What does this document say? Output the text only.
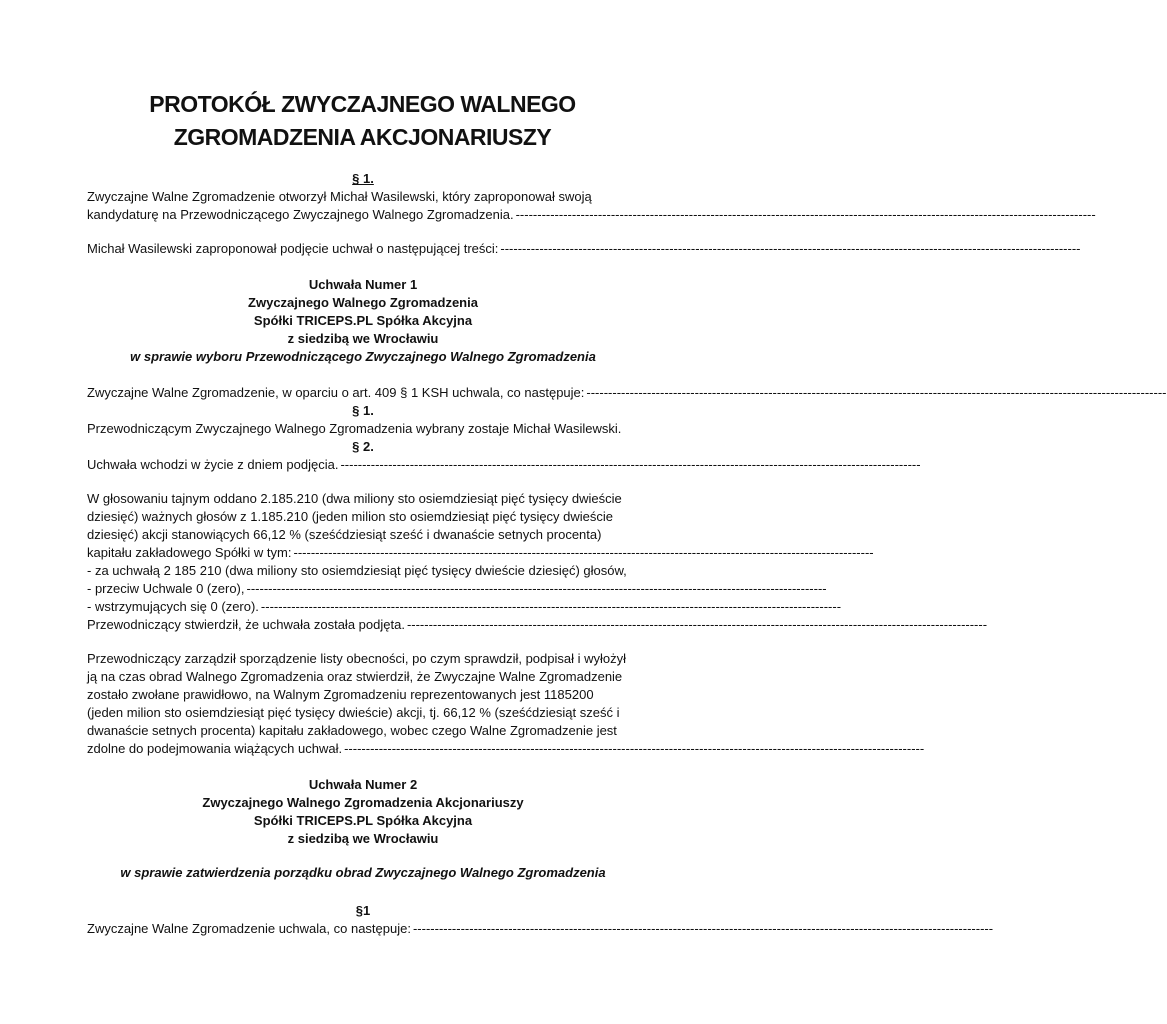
PROTOKÓŁ ZWYCZAJNEGO WALNEGO
ZGROMADZENIA AKCJONARIUSZY
§ 1.
Zwyczajne Walne Zgromadzenie otworzył Michał Wasilewski, który zaproponował swoją
kandydaturę na Przewodniczącego Zwyczajnego Walnego Zgromadzenia. --------------------------------------------------------------------------------------------------------------------------------------
Michał Wasilewski zaproponował podjęcie uchwał o następującej treści: --------------------------------------------------------------------------------------------------------------------------------------
Uchwała Numer 1
Zwyczajnego Walnego Zgromadzenia
Spółki TRICEPS.PL Spółka Akcyjna
z siedzibą we Wrocławiu
w sprawie wyboru Przewodniczącego Zwyczajnego Walnego Zgromadzenia
Zwyczajne Walne Zgromadzenie, w oparciu o art. 409 § 1 KSH uchwala, co następuje: --------------------------------------------------------------------------------------------------------------------------------------
§ 1.
Przewodniczącym Zwyczajnego Walnego Zgromadzenia wybrany zostaje Michał Wasilewski.
§ 2.
Uchwała wchodzi w życie z dniem podjęcia. --------------------------------------------------------------------------------------------------------------------------------------
W głosowaniu tajnym oddano 2.185.210 (dwa miliony sto osiemdziesiąt pięć tysięcy dwieście
dziesięć) ważnych głosów z 1.185.210 (jeden milion sto osiemdziesiąt pięć tysięcy dwieście
dziesięć) akcji stanowiących 66,12 % (sześćdziesiąt sześć i dwanaście setnych procenta)
kapitału zakładowego Spółki w tym: --------------------------------------------------------------------------------------------------------------------------------------
- za uchwałą 2 185 210 (dwa miliony sto osiemdziesiąt pięć tysięcy dwieście dziesięć) głosów,
- przeciw Uchwale 0 (zero), --------------------------------------------------------------------------------------------------------------------------------------
- wstrzymujących się 0 (zero). --------------------------------------------------------------------------------------------------------------------------------------
Przewodniczący stwierdził, że uchwała została podjęta. --------------------------------------------------------------------------------------------------------------------------------------
Przewodniczący zarządził sporządzenie listy obecności, po czym sprawdził, podpisał i wyłożył
ją na czas obrad Walnego Zgromadzenia oraz stwierdził, że Zwyczajne Walne Zgromadzenie
zostało zwołane prawidłowo, na Walnym Zgromadzeniu reprezentowanych jest 1185200
(jeden milion sto osiemdziesiąt pięć tysięcy dwieście) akcji, tj. 66,12 % (sześćdziesiąt sześć i
dwanaście setnych procenta) kapitału zakładowego, wobec czego Walne Zgromadzenie jest
zdolne do podejmowania wiążących uchwał. --------------------------------------------------------------------------------------------------------------------------------------
Uchwała Numer 2
Zwyczajnego Walnego Zgromadzenia Akcjonariuszy
Spółki TRICEPS.PL Spółka Akcyjna
z siedzibą we Wrocławiu
w sprawie zatwierdzenia porządku obrad Zwyczajnego Walnego Zgromadzenia
§1
Zwyczajne Walne Zgromadzenie uchwala, co następuje: --------------------------------------------------------------------------------------------------------------------------------------
